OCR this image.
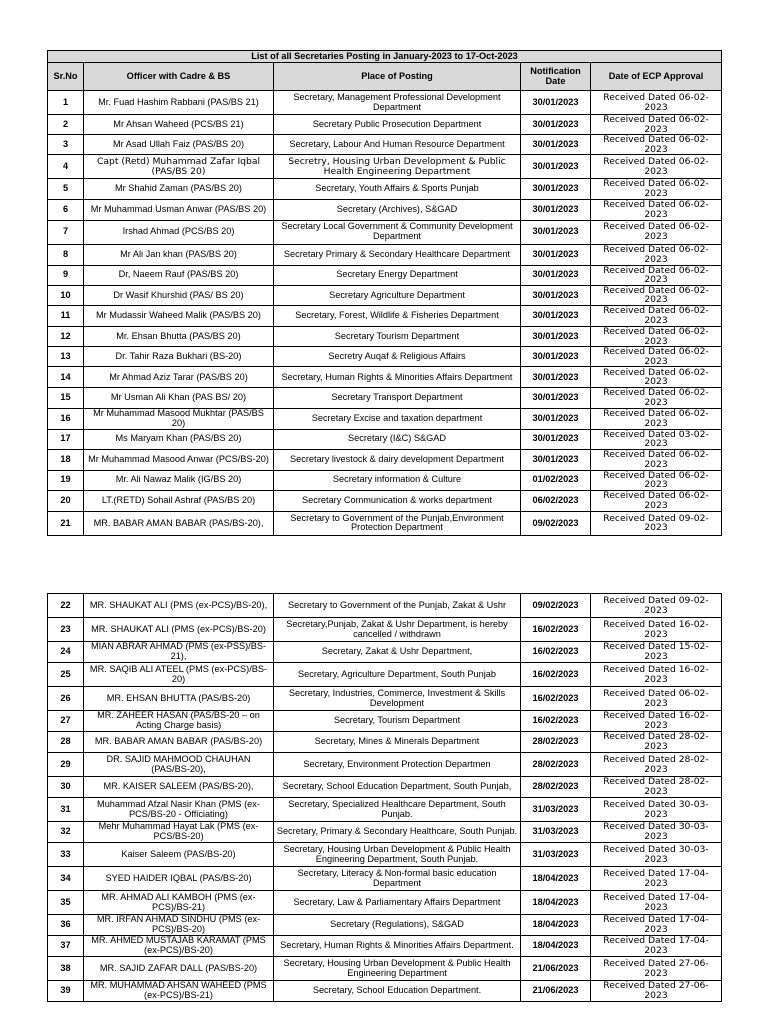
List of all Secretaries Posting in January-2023 to 17-Oct-2023				
Sr.No	Officer with Cadre & BS	Place of Posting	Notification Date	Date of ECP Approval
1	Mr. Fuad Hashim Rabbani (PAS/BS 21)	Secretary, Management Professional Development Department	30/01/2023	Received Dated 06-02-2023
2	Mr Ahsan Waheed (PCS/BS 21)	Secretary Public Prosecution Department	30/01/2023	Received Dated 06-02-2023
3	Mr Asad Ullah Faiz (PAS/BS 20)	Secretary, Labour And Human Resource Department	30/01/2023	Received Dated 06-02-2023
4	Capt (Retd) Muhammad Zafar Iqbal (PAS/BS 20)	Secretry, Housing Urban Development & Public Health Engineering Department	30/01/2023	Received Dated 06-02-2023
5	Mr Shahid Zaman (PAS/BS 20)	Secretary, Youth Affairs & Sports Punjab	30/01/2023	Received Dated 06-02-2023
6	Mr Muhammad Usman Anwar (PAS/BS 20)	Secretary (Archives), S&GAD	30/01/2023	Received Dated 06-02-2023
7	Irshad Ahmad (PCS/BS 20)	Secretary Local Government & Community Development Department	30/01/2023	Received Dated 06-02-2023
8	Mr Ali Jan khan (PAS/BS 20)	Secretary Primary & Secondary Healthcare Department	30/01/2023	Received Dated 06-02-2023
9	Dr, Naeem Rauf (PAS/BS 20)	Secretary Energy Department	30/01/2023	Received Dated 06-02-2023
10	Dr Wasif Khurshid (PAS/ BS 20)	Secretary Agriculture Department	30/01/2023	Received Dated 06-02-2023
11	Mr Mudassir Waheed Malik (PAS/BS 20)	Secretary, Forest, Wildlife & Fisheries Department	30/01/2023	Received Dated 06-02-2023
12	Mr. Ehsan Bhutta (PAS/BS 20)	Secretary Tourism Department	30/01/2023	Received Dated 06-02-2023
13	Dr. Tahir Raza Bukhari (BS-20)	Secretry Auqaf & Religious Affairs	30/01/2023	Received Dated 06-02-2023
14	Mr Ahmad Aziz Tarar (PAS/BS 20)	Secretary, Human Rights & Minorities Affairs Department	30/01/2023	Received Dated 06-02-2023
15	Mr Usman Ali Khan (PAS BS/ 20)	Secretary Transport Department	30/01/2023	Received Dated 06-02-2023
16	Mr Muhammad Masood Mukhtar (PAS/BS 20)	Secretary Excise and taxation department	30/01/2023	Received Dated 06-02-2023
17	Ms Maryam Khan (PAS/BS 20)	Secretary (I&C) S&GAD	30/01/2023	Received Dated 03-02-2023
18	Mr Muhammad Masood Anwar (PCS/BS-20)	Secretary livestock & dairy development Department	30/01/2023	Received Dated 06-02-2023
19	Mr. Ali Nawaz Malik (IG/BS 20)	Secretary information & Culture	01/02/2023	Received Dated 06-02-2023
20	LT.(RETD) Sohail Ashraf (PAS/BS 20)	Secretary Communication & works department	06/02/2023	Received Dated 06-02-2023
21	MR. BABAR AMAN BABAR (PAS/BS-20),	Secretary to Government of the Punjab,Environment Protection Department	09/02/2023	Received Dated 09-02-2023
22	MR. SHAUKAT ALI (PMS (ex-PCS)/BS-20),	Secretary to Government of the Punjab, Zakat & Ushr	09/02/2023	Received Dated 09-02-2023
23	MR. SHAUKAT ALI (PMS (ex-PCS)/BS-20)	Secretary,Punjab, Zakat & Ushr Department, is hereby cancelled / withdrawn	16/02/2023	Received Dated 16-02-2023
24	MIAN ABRAR AHMAD (PMS (ex-PSS)/BS-21),	Secretary, Zakat & Ushr Department,	16/02/2023	Received Dated 15-02-2023
25	MR. SAQIB ALI ATEEL (PMS (ex-PCS)/BS-20)	Secretary, Agriculture Department, South Punjab	16/02/2023	Received Dated 16-02-2023
26	MR. EHSAN BHUTTA (PAS/BS-20)	Secretary, Industries, Commerce, Investment & Skills Development	16/02/2023	Received Dated 06-02-2023
27	MR. ZAHEER HASAN (PAS/BS-20 – on Acting Charge basis)	Secretary, Tourism Department	16/02/2023	Received Dated 16-02-2023
28	MR. BABAR AMAN BABAR (PAS/BS-20)	Secretary, Mines & Minerals Department	28/02/2023	Received Dated 28-02-2023
29	DR. SAJID MAHMOOD CHAUHAN (PAS/BS-20),	Secretary, Environment Protection Departmen	28/02/2023	Received Dated 28-02-2023
30	MR. KAISER SALEEM (PAS/BS-20),	Secretary, School Education Department, South Punjab,	28/02/2023	Received Dated 28-02-2023
31	Muhammad Afzal Nasir Khan (PMS (ex-PCS/BS-20 - Officiating)	Secretary, Specialized Healthcare Department, South Punjab.	31/03/2023	Received Dated 30-03-2023
32	Mehr Muhammad Hayat Lak (PMS (ex-PCS/BS-20)	Secretary, Primary & Secondary Healthcare, South Punjab.	31/03/2023	Received Dated 30-03-2023
33	Kaiser Saleem (PAS/BS-20)	Secretary, Housing Urban Development & Public Health Engineering Department, South Punjab.	31/03/2023	Received Dated 30-03-2023
34	SYED HAIDER IQBAL (PAS/BS-20)	Secretary, Literacy & Non-formal basic education Department	18/04/2023	Received Dated 17-04-2023
35	MR. AHMAD ALI KAMBOH (PMS (ex-PCS)/BS-21)	Secretary, Law & Parliamentary Affairs Department	18/04/2023	Received Dated 17-04-2023
36	MR. IRFAN AHMAD SINDHU (PMS (ex-PCS)/BS-20)	Secretary (Regulations), S&GAD	18/04/2023	Received Dated 17-04-2023
37	MR. AHMED MUSTAJAB KARAMAT (PMS (ex-PCS)/BS-20)	Secretary, Human Rights & Minorities Affairs Department.	18/04/2023	Received Dated 17-04-2023
38	MR. SAJID ZAFAR DALL (PAS/BS-20)	Secretary, Housing Urban Development & Public Health Engineering Department	21/06/2023	Received Dated 27-06-2023
39	MR. MUHAMMAD AHSAN WAHEED (PMS (ex-PCS)/BS-21)	Secretary, School Education Department.	21/06/2023	Received Dated 27-06-2023
